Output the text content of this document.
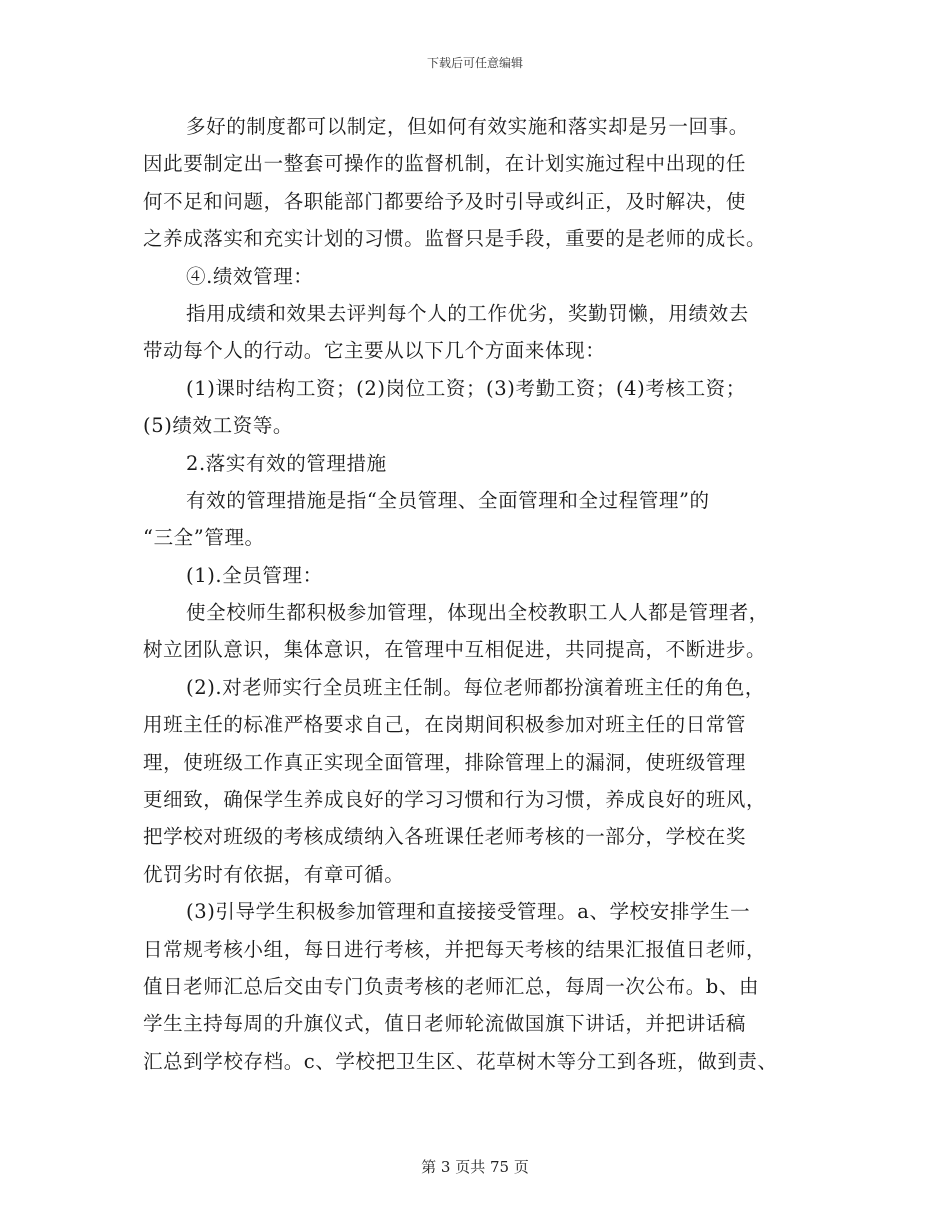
下载后可任意编辑
多好的制度都可以制定，但如何有效实施和落实却是另一回事。
因此要制定出一整套可操作的监督机制，在计划实施过程中出现的任
何不足和问题，各职能部门都要给予及时引导或纠正，及时解决，使
之养成落实和充实计划的习惯。监督只是手段，重要的是老师的成长。
④.绩效管理：
指用成绩和效果去评判每个人的工作优劣，奖勤罚懒，用绩效去
带动每个人的行动。它主要从以下几个方面来体现：
(1)课时结构工资；(2)岗位工资；(3)考勤工资；(4)考核工资；
(5)绩效工资等。
2.落实有效的管理措施
有效的管理措施是指“全员管理、全面管理和全过程管理”的
“三全”管理。
(1).全员管理：
使全校师生都积极参加管理，体现出全校教职工人人都是管理者，
树立团队意识，集体意识，在管理中互相促进，共同提高，不断进步。
(2).对老师实行全员班主任制。每位老师都扮演着班主任的角色，
用班主任的标准严格要求自己，在岗期间积极参加对班主任的日常管
理，使班级工作真正实现全面管理，排除管理上的漏洞，使班级管理
更细致，确保学生养成良好的学习习惯和行为习惯，养成良好的班风，
把学校对班级的考核成绩纳入各班课任老师考核的一部分，学校在奖
优罚劣时有依据，有章可循。
(3)引导学生积极参加管理和直接接受管理。a、学校安排学生一
日常规考核小组，每日进行考核，并把每天考核的结果汇报值日老师，
值日老师汇总后交由专门负责考核的老师汇总，每周一次公布。b、由
学生主持每周的升旗仪式，值日老师轮流做国旗下讲话，并把讲话稿
汇总到学校存档。c、学校把卫生区、花草树木等分工到各班，做到责、
第 3 页共 75 页
